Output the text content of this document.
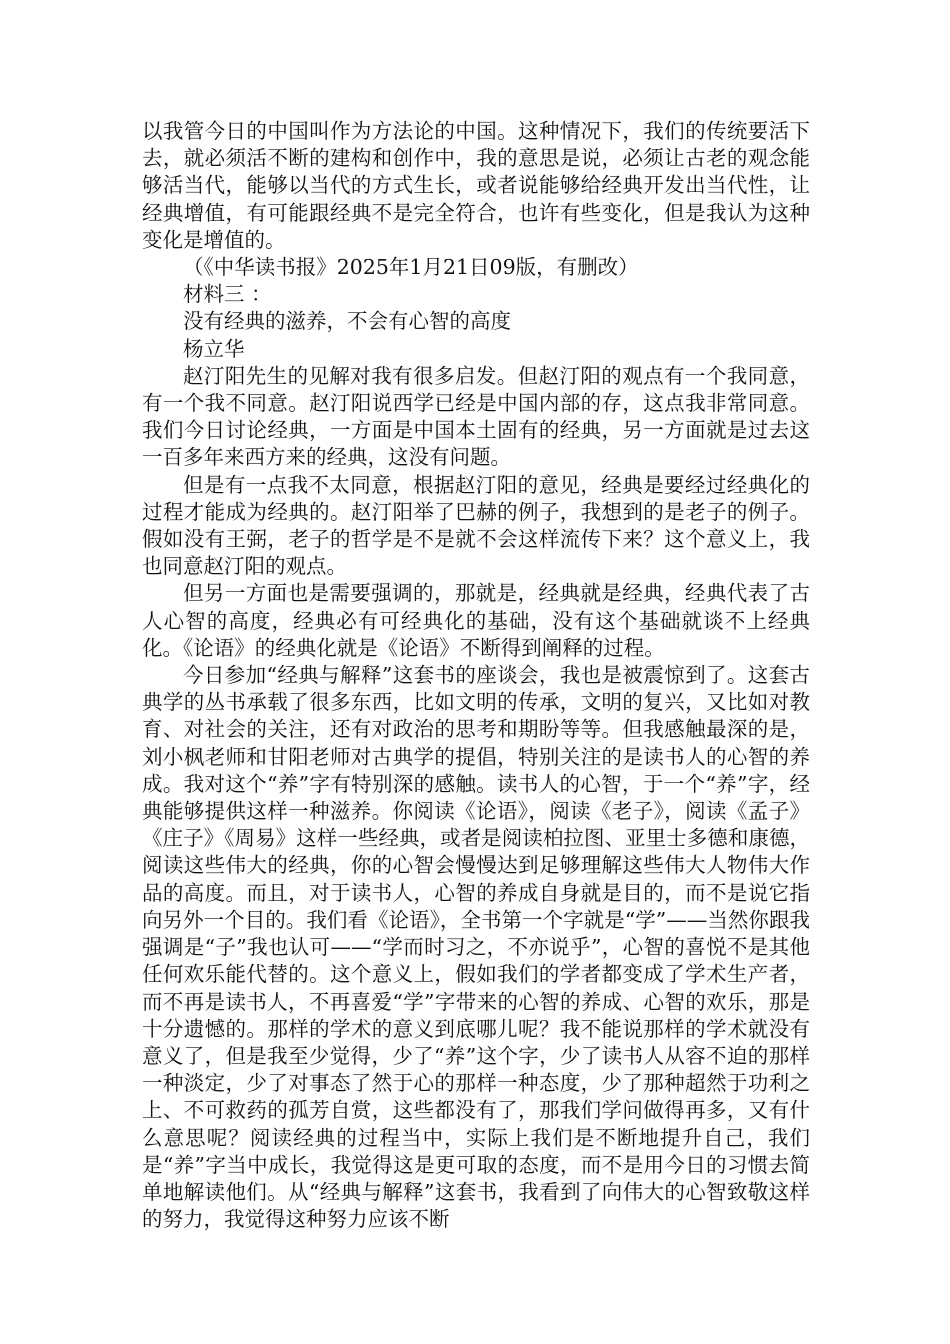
以我管今日的中国叫作为方法论的中国。这种情况下，我们的传统要活下去，就必须活不断的建构和创作中，我的意思是说，必须让古老的观念能够活当代，能够以当代的方式生长，或者说能够给经典开发出当代性，让经典增值，有可能跟经典不是完全符合，也许有些变化，但是我认为这种变化是增值的。

（《中华读书报》2025年1月21日09版，有删改）

材料三 ：

没有经典的滋养，不会有心智的高度

杨立华

赵汀阳先生的见解对我有很多启发。但赵汀阳的观点有一个我同意，有一个我不同意。赵汀阳说西学已经是中国内部的存，这点我非常同意。我们今日讨论经典，一方面是中国本土固有的经典，另一方面就是过去这一百多年来西方来的经典，这没有问题。

但是有一点我不太同意，根据赵汀阳的意见，经典是要经过经典化的过程才能成为经典的。赵汀阳举了巴赫的例子，我想到的是老子的例子。假如没有王弼，老子的哲学是不是就不会这样流传下来？这个意义上，我也同意赵汀阳的观点。

但另一方面也是需要强调的，那就是，经典就是经典，经典代表了古人心智的高度，经典必有可经典化的基础，没有这个基础就谈不上经典化。《论语》的经典化就是《论语》不断得到阐释的过程。

今日参加“经典与解释”这套书的座谈会，我也是被震惊到了。这套古典学的丛书承载了很多东西，比如文明的传承，文明的复兴，又比如对教育、对社会的关注，还有对政治的思考和期盼等等。但我感触最深的是，刘小枫老师和甘阳老师对古典学的提倡，特别关注的是读书人的心智的养成。我对这个“养”字有特别深的感触。读书人的心智，于一个“养”字，经典能够提供这样一种滋养。你阅读《论语》，阅读《老子》，阅读《孟子》《庄子》《周易》这样一些经典，或者是阅读柏拉图、亚里士多德和康德，阅读这些伟大的经典，你的心智会慢慢达到足够理解这些伟大人物伟大作品的高度。而且，对于读书人，心智的养成自身就是目的，而不是说它指向另外一个目的。我们看《论语》，全书第一个字就是“学”——当然你跟我强调是“子”我也认可——“学而时习之，不亦说乎”，心智的喜悦不是其他任何欢乐能代替的。这个意义上，假如我们的学者都变成了学术生产者，而不再是读书人，不再喜爱“学”字带来的心智的养成、心智的欢乐，那是十分遗憾的。那样的学术的意义到底哪儿呢？我不能说那样的学术就没有意义了，但是我至少觉得，少了“养”这个字，少了读书人从容不迫的那样一种淡定，少了对事态了然于心的那样一种态度，少了那种超然于功利之上、不可救药的孤芳自赏，这些都没有了，那我们学问做得再多，又有什么意思呢？阅读经典的过程当中，实际上我们是不断地提升自己，我们是“养”字当中成长，我觉得这是更可取的态度，而不是用今日的习惯去简单地解读他们。从“经典与解释”这套书，我看到了向伟大的心智致敬这样的努力，我觉得这种努力应该不断
